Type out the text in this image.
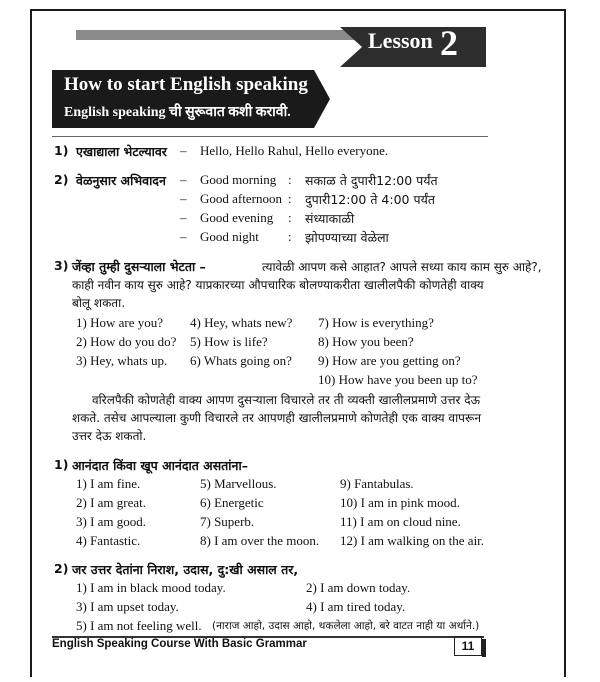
Lesson 2
How to start English speaking
English speaking ची सुरूवात कशी करावी.
1) एखाद्याला भेटल्यावर – Hello, Hello Rahul, Hello everyone.
2) वेळनुसार अभिवादन – Good morning : सकाळ ते दुपारी12:00 पर्यंत
– Good afternoon : दुपारी12:00 ते 4:00 पर्यंत
– Good evening : संध्याकाळी
– Good night : झोपण्याच्या वेळेला
3) जेंव्हा तुम्ही दुसऱ्याला भेटता –	त्यावेळी आपण कसे आहात? आपले सध्या काय काम सुरु आहे?,
काही नवीन काय सुरु आहे? याप्रकारच्या औपचारिक बोलण्याकरीता खालीलपैकी कोणतेही वाक्य
बोलू शकता.
1) How are you?
2) How do you do?
3) Hey, whats up.
4) Hey, whats new?
5) How is life?
6) Whats going on?
7) How is everything?
8) How you been?
9) How are you getting on?
10) How have you been up to?
वरिलपैकी कोणतेही वाक्य आपण दुसऱ्याला विचारले तर ती व्यक्ती खालीलप्रमाणे उत्तर देऊ
शकते. तसेच आपल्याला कुणी विचारले तर आपणही खालीलप्रमाणे कोणतेही एक वाक्य वापरून
उत्तर देऊ शकतो.
1) आनंदात किंवा खूप आनंदात असतांना–
1) I am fine.
2) I am great.
3) I am good.
4) Fantastic.
5) Marvellous.
6) Energetic
7) Superb.
8) I am over the moon.
9) Fantabulas.
10) I am in pink mood.
11) I am on cloud nine.
12) I am walking on the air.
2) जर उत्तर देतांना निराश, उदास, दु:खी असाल तर,
1) I am in black mood today.
3) I am upset today.
5) I am not feeling well.
2) I am down today.
4) I am tired today.
(नाराज आहो, उदास आहो, थकलेला आहो, बरे वाटत नाही या अर्थाने.)
English Speaking Course With Basic Grammar	11
